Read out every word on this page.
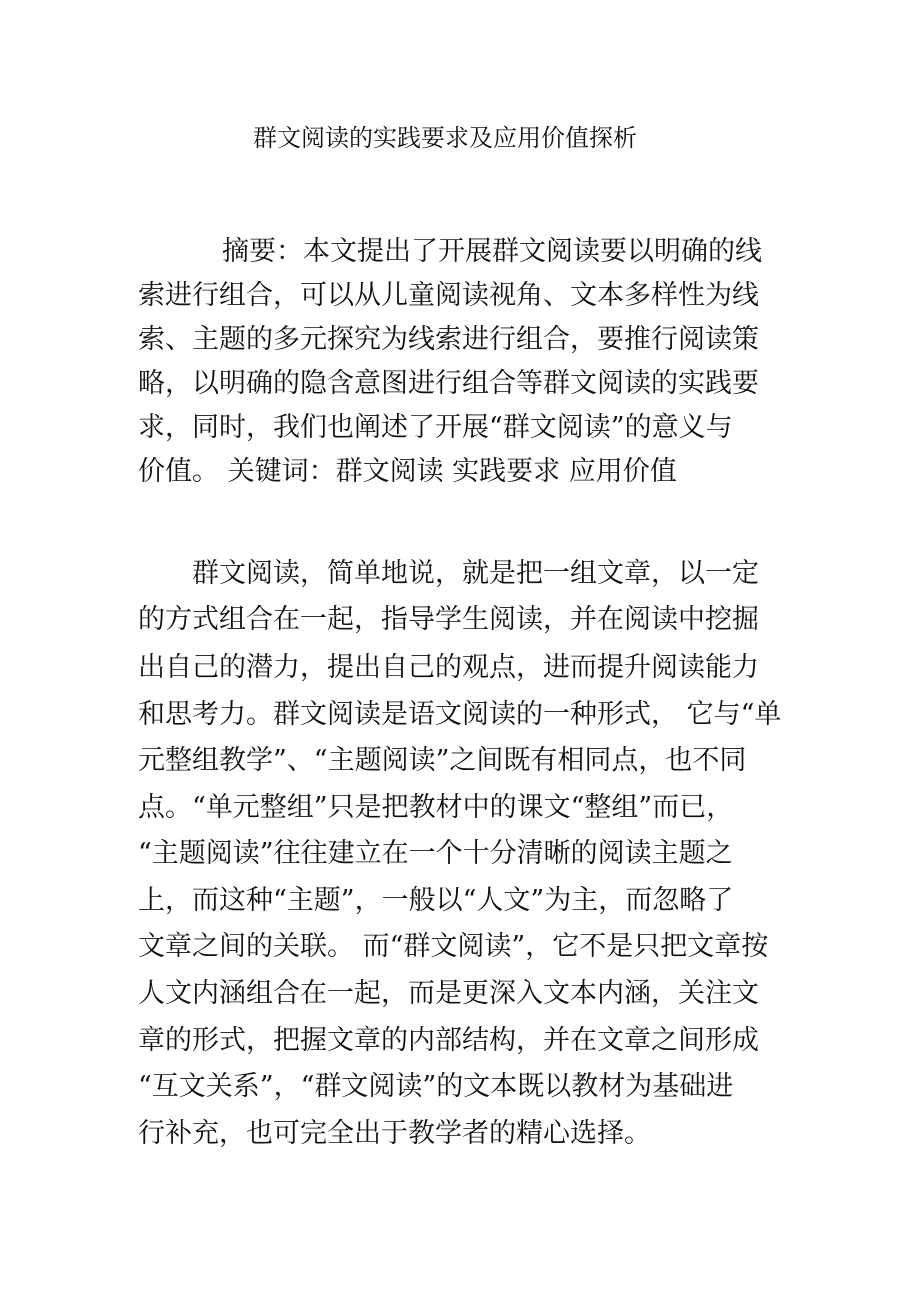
群文阅读的实践要求及应用价值探析
摘要：本文提出了开展群文阅读要以明确的线
索进行组合，可以从儿童阅读视角、文本多样性为线
索、主题的多元探究为线索进行组合，要推行阅读策
略，以明确的隐含意图进行组合等群文阅读的实践要
求，同时，我们也阐述了开展“群文阅读”的意义与
价值。 关键词：群文阅读 实践要求 应用价值
群文阅读，简单地说，就是把一组文章，以一定
的方式组合在一起，指导学生阅读，并在阅读中挖掘
出自己的潜力，提出自己的观点，进而提升阅读能力
和思考力。群文阅读是语文阅读的一种形式， 它与“单
元整组教学”、“主题阅读”之间既有相同点，也不同
点。“单元整组”只是把教材中的课文“整组”而已，
“主题阅读”往往建立在一个十分清晰的阅读主题之
上，而这种“主题”，一般以“人文”为主，而忽略了
文章之间的关联。 而“群文阅读”，它不是只把文章按
人文内涵组合在一起，而是更深入文本内涵，关注文
章的形式，把握文章的内部结构，并在文章之间形成
“互文关系”，“群文阅读”的文本既以教材为基础进
行补充，也可完全出于教学者的精心选择。
